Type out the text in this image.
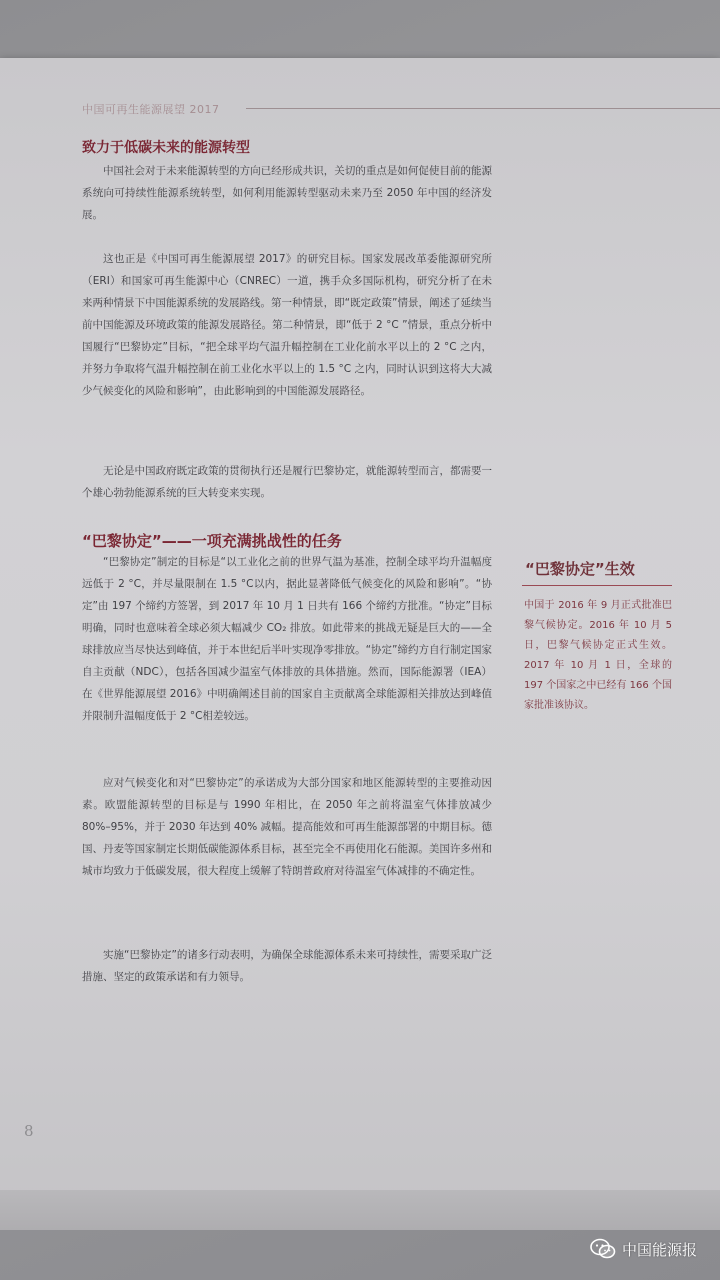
中国可再生能源展望 2017
致力于低碳未来的能源转型
中国社会对于未来能源转型的方向已经形成共识，关切的重点是如何促使目前的能源系统向可持续性能源系统转型，如何利用能源转型驱动未来乃至 2050 年中国的经济发展。
这也正是《中国可再生能源展望 2017》的研究目标。国家发展改革委能源研究所（ERI）和国家可再生能源中心（CNREC）一道，携手众多国际机构，研究分析了在未来两种情景下中国能源系统的发展路线。第一种情景，即“既定政策”情景，阐述了延续当前中国能源及环境政策的能源发展路径。第二种情景，即“低于 2 °C ”情景，重点分析中国履行“巴黎协定”目标，“把全球平均气温升幅控制在工业化前水平以上的 2 °C 之内，并努力争取将气温升幅控制在前工业化水平以上的 1.5 °C 之内，同时认识到这将大大减少气候变化的风险和影响”，由此影响到的中国能源发展路径。
无论是中国政府既定政策的贯彻执行还是履行巴黎协定，就能源转型而言，都需要一个雄心勃勃能源系统的巨大转变来实现。
“巴黎协定”——一项充满挑战性的任务
“巴黎协定”制定的目标是“以工业化之前的世界气温为基准，控制全球平均升温幅度远低于 2 °C，并尽量限制在 1.5 °C以内，据此显著降低气候变化的风险和影响”。“协定”由 197 个缔约方签署，到 2017 年 10 月 1 日共有 166 个缔约方批准。“协定”目标明确，同时也意味着全球必须大幅减少 CO₂ 排放。如此带来的挑战无疑是巨大的——全球排放应当尽快达到峰值，并于本世纪后半叶实现净零排放。“协定”缔约方自行制定国家自主贡献（NDC），包括各国减少温室气体排放的具体措施。然而，国际能源署（IEA）在《世界能源展望 2016》中明确阐述目前的国家自主贡献离全球能源相关排放达到峰值并限制升温幅度低于 2 °C相差较远。
应对气候变化和对“巴黎协定”的承诺成为大部分国家和地区能源转型的主要推动因素。欧盟能源转型的目标是与 1990 年相比，在 2050 年之前将温室气体排放减少 80%–95%，并于 2030 年达到 40% 减幅。提高能效和可再生能源部署的中期目标。德国、丹麦等国家制定长期低碳能源体系目标，甚至完全不再使用化石能源。美国许多州和城市均致力于低碳发展，很大程度上缓解了特朗普政府对待温室气体减排的不确定性。
实施“巴黎协定”的诸多行动表明，为确保全球能源体系未来可持续性，需要采取广泛措施、坚定的政策承诺和有力领导。
“巴黎协定”生效
中国于 2016 年 9 月正式批准巴黎气候协定。2016 年 10 月 5 日，巴黎气候协定正式生效。2017 年 10 月 1 日，全球的 197 个国家之中已经有 166 个国家批准该协议。
8
中国能源报
